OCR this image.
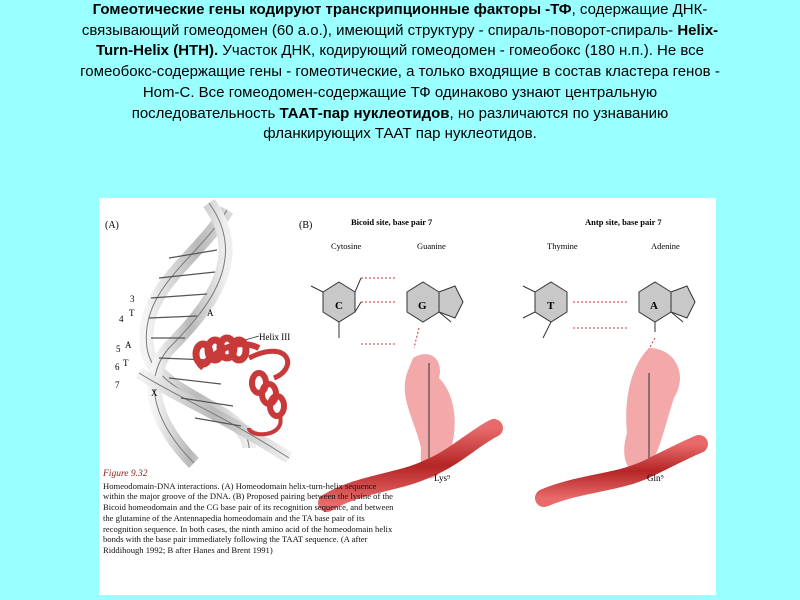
Гомеотические гены кодируют транскрипционные факторы -ТФ, содержащие ДНК- связывающий гомеодомен (60 а.о.), имеющий структуру - спираль-поворот-спираль- Helix-Turn-Helix (HTH). Участок ДНК, кодирующий гомеодомен - гомеобокс (180 н.п.). Не все гомеобокс-содержащие гены - гомеотические, а только входящие в состав кластера генов - Hom-C. Все гомеодомен-содержащие ТФ одинаково узнают центральную последовательность ТААТ-пар нуклеотидов, но различаются по узнаванию фланкирующих ТААТ пар нуклеотидов.
(A)
3
4
5
6
7
T	A
A
T
X
Helix III
(B)	Bicoid site, base pair 7
Cytosine	Guanine
C	G
Lys⁹
Antp site, base pair 7
Thymine	Adenine
T	A
Gln⁹
Figure 9.32
Homeodomain-DNA interactions. (A) Homeodomain helix-turn-helix sequence within the major groove of the DNA. (B) Proposed pairing between the lysine of the Bicoid homeodomain and the CG base pair of its recognition sequence, and between the glutamine of the Antennapedia homeodomain and the TA base pair of its recognition sequence. In both cases, the ninth amino acid of the homeodomain helix bonds with the base pair immediately following the TAAT sequence. (A after Riddihough 1992; B after Hanes and Brent 1991)
